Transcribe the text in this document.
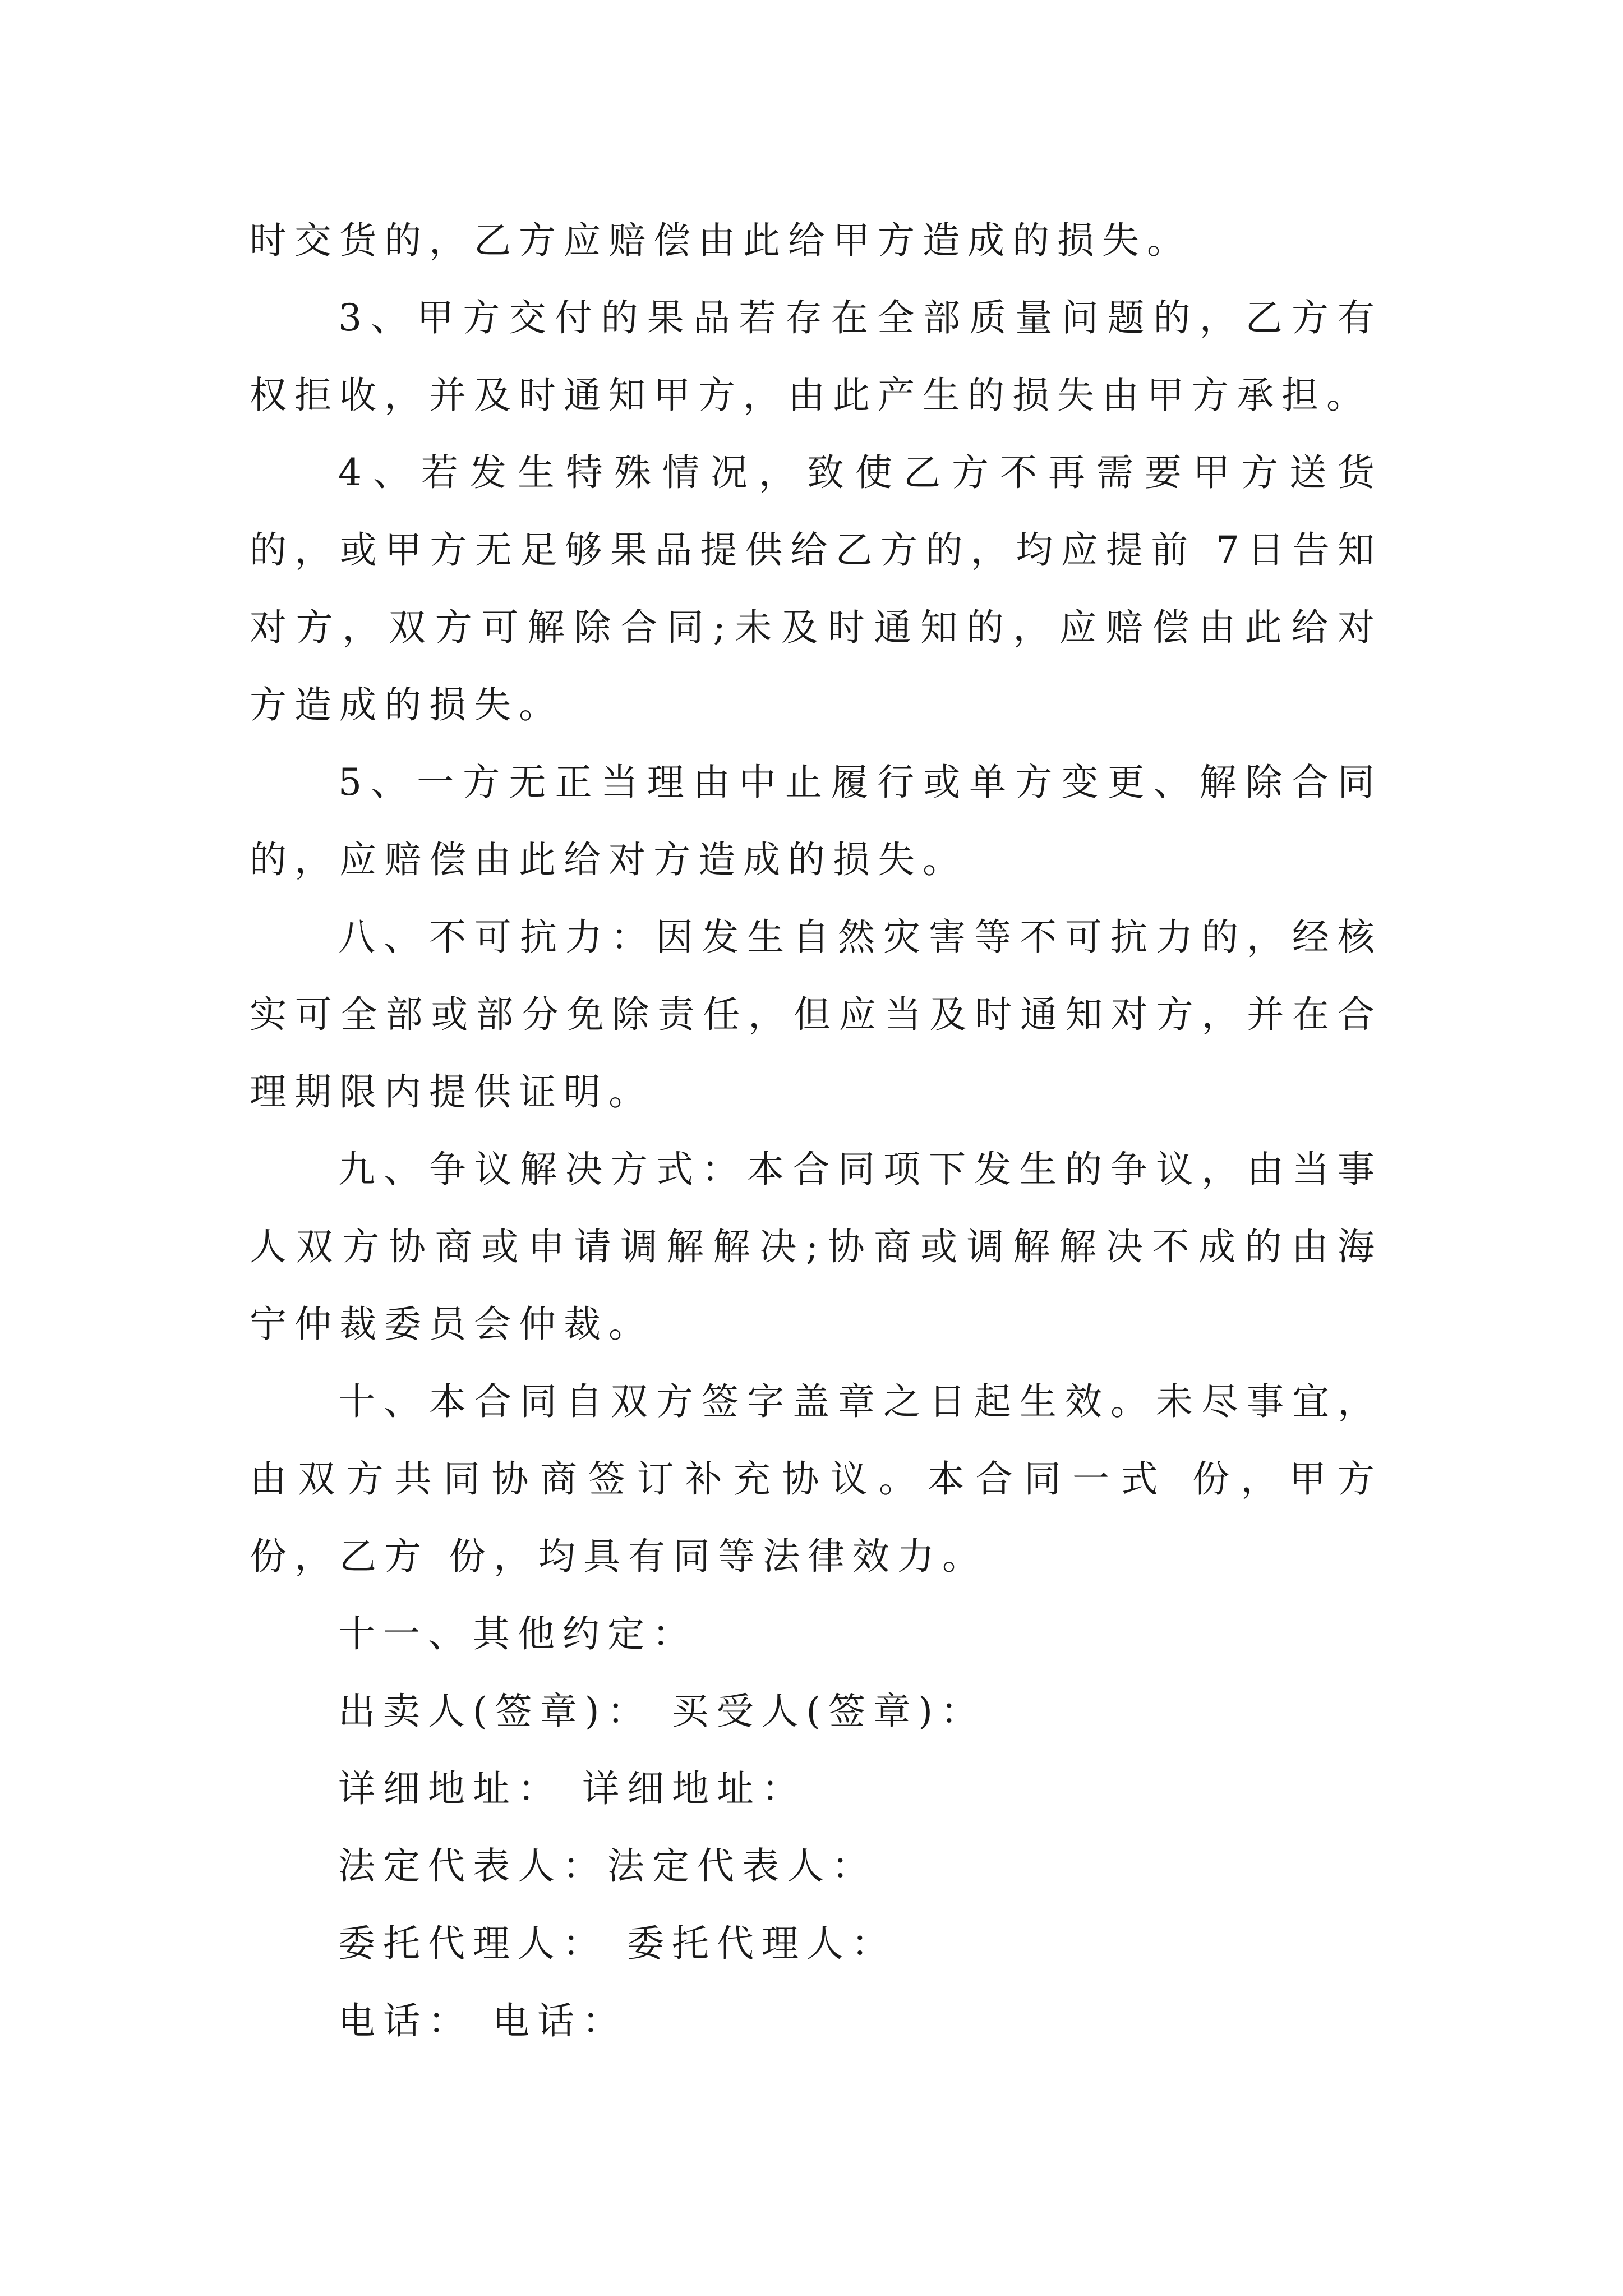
时交货的，乙方应赔偿由此给甲方造成的损失。

3、甲方交付的果品若存在全部质量问题的，乙方有权拒收，并及时通知甲方，由此产生的损失由甲方承担。

4、若发生特殊情况，致使乙方不再需要甲方送货的，或甲方无足够果品提供给乙方的，均应提前 7日告知对方，双方可解除合同;未及时通知的，应赔偿由此给对方造成的损失。

5、一方无正当理由中止履行或单方变更、解除合同的，应赔偿由此给对方造成的损失。

八、不可抗力：因发生自然灾害等不可抗力的，经核实可全部或部分免除责任，但应当及时通知对方，并在合理期限内提供证明。

九、争议解决方式：本合同项下发生的争议，由当事人双方协商或申请调解解决;协商或调解解决不成的由海宁仲裁委员会仲裁。

十、本合同自双方签字盖章之日起生效。未尽事宜，由双方共同协商签订补充协议。本合同一式 份，甲方 份，乙方 份，均具有同等法律效力。

十一、其他约定：

出卖人(签章)： 买受人(签章)：

详细地址： 详细地址：

法定代表人：法定代表人：

委托代理人： 委托代理人：

电话： 电话：
